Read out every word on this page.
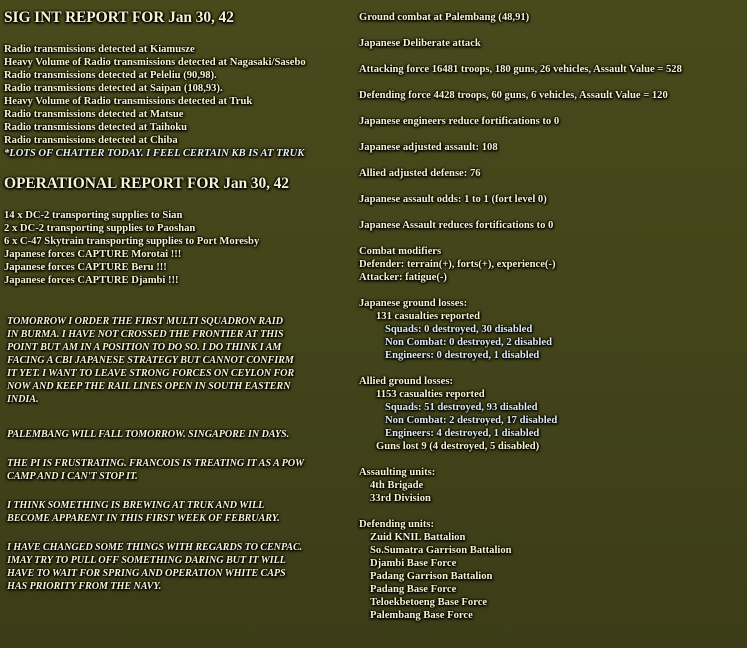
SIG INT REPORT FOR Jan 30, 42
Radio transmissions detected at Kiamusze
Heavy Volume of Radio transmissions detected at Nagasaki/Sasebo
Radio transmissions detected at Peleliu (90,98).
Radio transmissions detected at Saipan (108,93).
Heavy Volume of Radio transmissions detected at Truk
Radio transmissions detected at Matsue
Radio transmissions detected at Taihoku
Radio transmissions detected at Chiba
*LOTS OF CHATTER TODAY. I FEEL CERTAIN KB IS AT TRUK
OPERATIONAL REPORT FOR Jan 30, 42
14 x DC-2 transporting supplies to Sian
2 x DC-2 transporting supplies to Paoshan
6 x C-47 Skytrain transporting supplies to Port Moresby
Japanese forces CAPTURE Morotai !!!
Japanese forces CAPTURE Beru !!!
Japanese forces CAPTURE Djambi !!!
TOMORROW I ORDER THE FIRST MULTI SQUADRON RAID
IN BURMA. I HAVE NOT CROSSED THE FRONTIER AT THIS
POINT BUT AM IN A POSITION TO DO SO. I DO THINK I AM
FACING A CBI JAPANESE STRATEGY BUT CANNOT CONFIRM
IT YET. I WANT TO LEAVE STRONG FORCES ON CEYLON FOR
NOW AND KEEP THE RAIL LINES OPEN IN SOUTH EASTERN
INDIA.
PALEMBANG WILL FALL TOMORROW. SINGAPORE IN DAYS.
THE PI IS FRUSTRATING. FRANCOIS IS TREATING IT AS A POW
CAMP AND I CAN'T STOP IT.
I THINK SOMETHING IS BREWING AT TRUK AND WILL
BECOME APPARENT IN THIS FIRST WEEK OF FEBRUARY.
I HAVE CHANGED SOME THINGS WITH REGARDS TO CENPAC.
IMAY TRY TO PULL OFF SOMETHING DARING BUT IT WILL
HAVE TO WAIT FOR SPRING AND OPERATION WHITE CAPS
HAS PRIORITY FROM THE NAVY.
Ground combat at Palembang (48,91)
Japanese Deliberate attack
Attacking force 16481 troops, 180 guns, 26 vehicles, Assault Value = 528
Defending force 4428 troops, 60 guns, 6 vehicles, Assault Value = 120
Japanese engineers reduce fortifications to 0
Japanese adjusted assault: 108
Allied adjusted defense: 76
Japanese assault odds: 1 to 1 (fort level 0)
Japanese Assault reduces fortifications to 0
Combat modifiers
Defender: terrain(+), forts(+), experience(-)
Attacker: fatigue(-)
Japanese ground losses:
131 casualties reported
Squads: 0 destroyed, 30 disabled
Non Combat: 0 destroyed, 2 disabled
Engineers: 0 destroyed, 1 disabled
Allied ground losses:
1153 casualties reported
Squads: 51 destroyed, 93 disabled
Non Combat: 2 destroyed, 17 disabled
Engineers: 4 destroyed, 1 disabled
Guns lost 9 (4 destroyed, 5 disabled)
Assaulting units:
4th Brigade
33rd Division
Defending units:
Zuid KNIL Battalion
So.Sumatra Garrison Battalion
Djambi Base Force
Padang Garrison Battalion
Padang Base Force
Teloekbetoeng Base Force
Palembang Base Force
